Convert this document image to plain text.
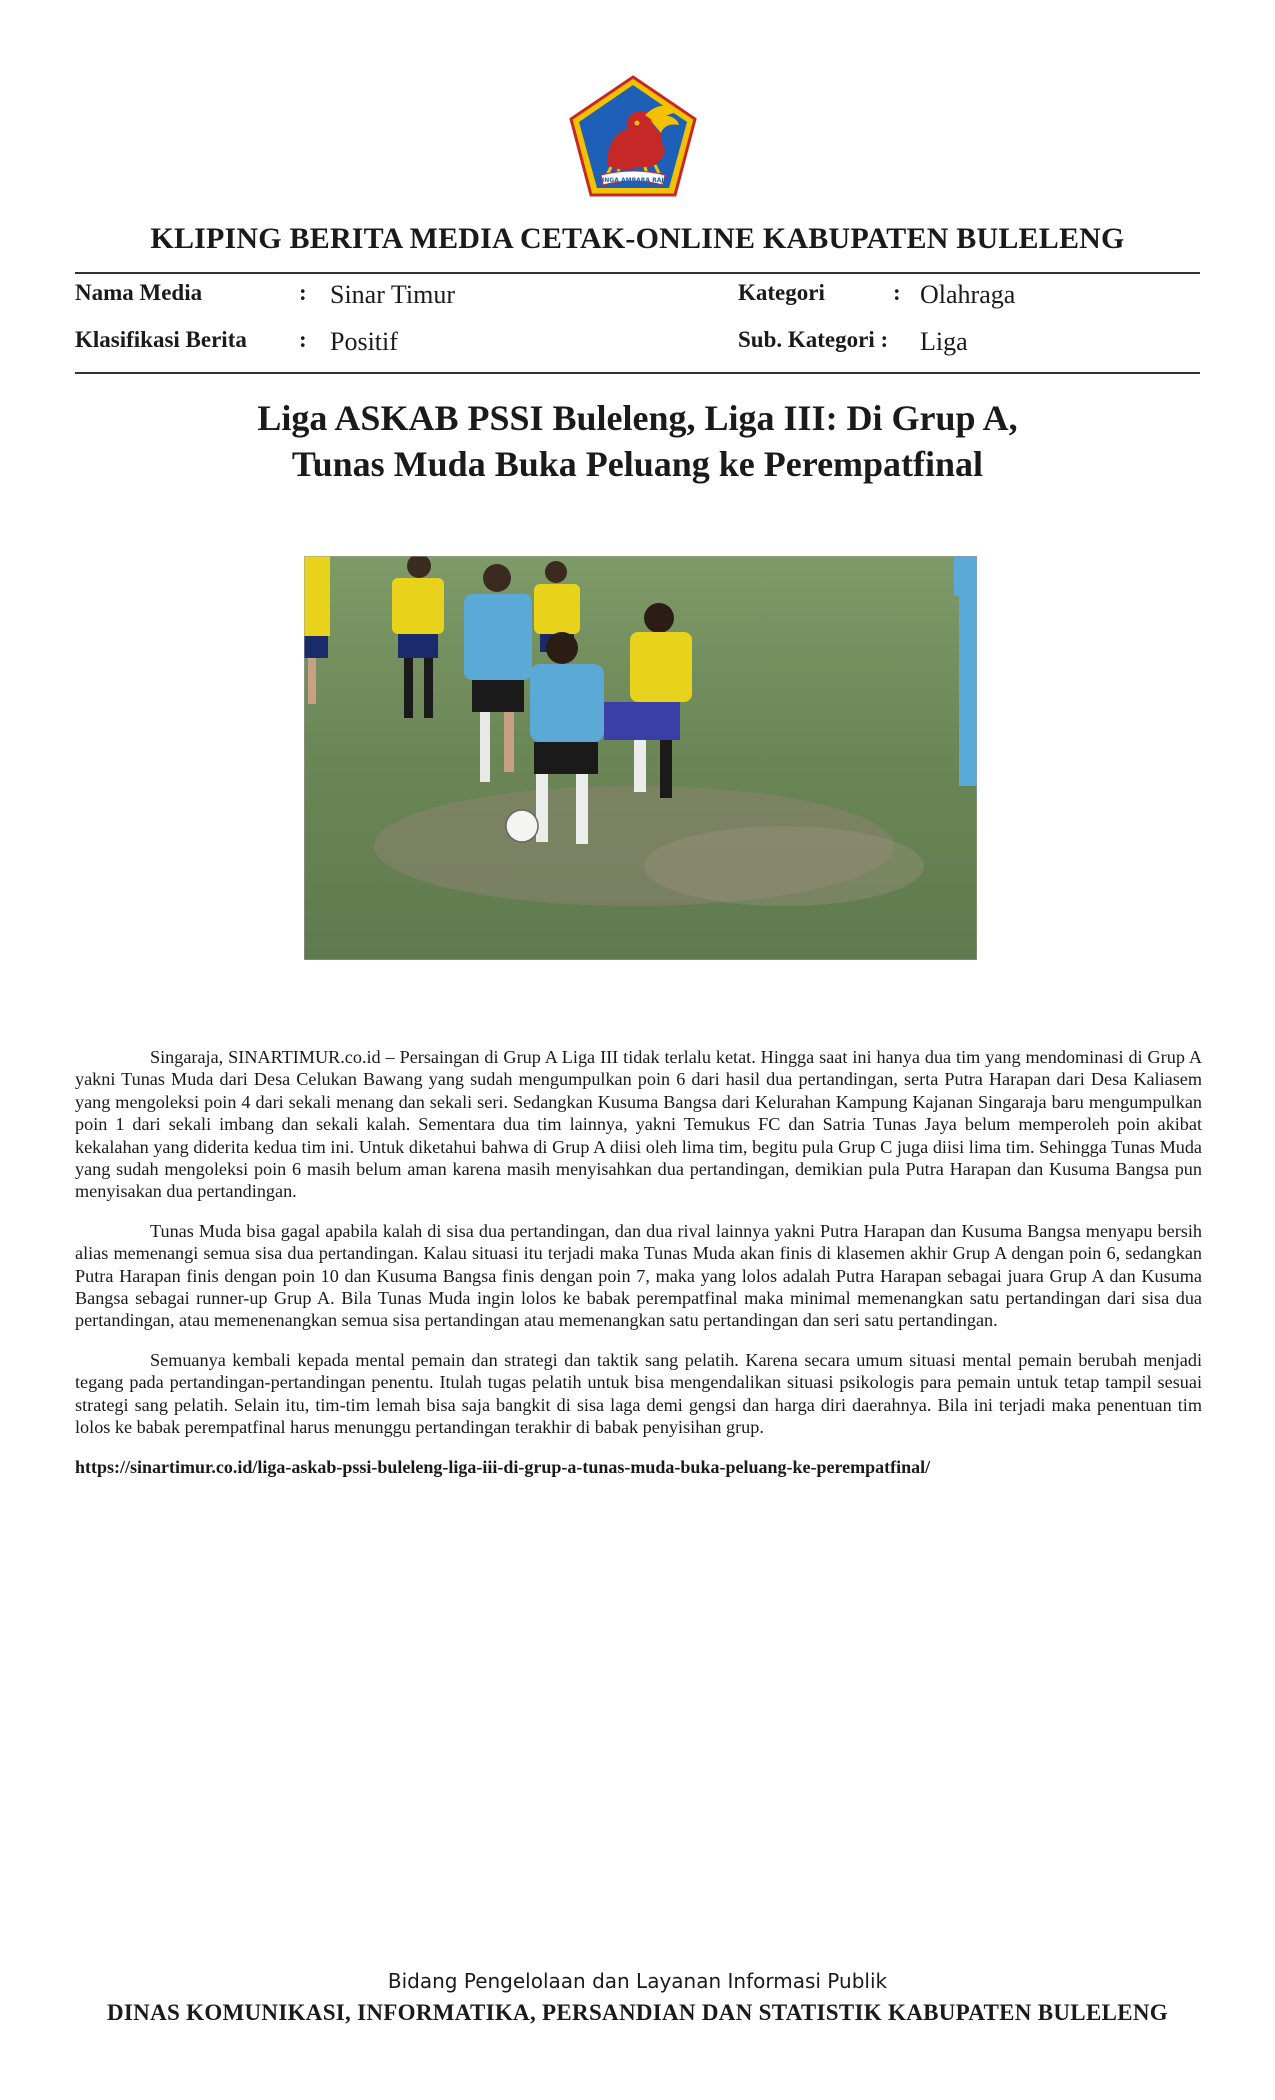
SINGA AMBARA RAJA
KLIPING BERITA MEDIA CETAK-ONLINE KABUPATEN BULELENG
Nama Media	: Sinar Timur
Klasifikasi Berita : Positif
Kategori	: Olahraga
Sub. Kategori : Liga
Liga ASKAB PSSI Buleleng, Liga III: Di Grup A,
Tunas Muda Buka Peluang ke Perempatfinal

Singaraja, SINARTIMUR.co.id – Persaingan di Grup A Liga III tidak terlalu ketat. Hingga saat ini hanya dua tim yang mendominasi di Grup A yakni Tunas Muda dari Desa Celukan Bawang yang sudah mengumpulkan poin 6 dari hasil dua pertandingan, serta Putra Harapan dari Desa Kaliasem yang mengoleksi poin 4 dari sekali menang dan sekali seri. Sedangkan Kusuma Bangsa dari Kelurahan Kampung Kajanan Singaraja baru mengumpulkan poin 1 dari sekali imbang dan sekali kalah. Sementara dua tim lainnya, yakni Temukus FC dan Satria Tunas Jaya belum memperoleh poin akibat kekalahan yang diderita kedua tim ini. Untuk diketahui bahwa di Grup A diisi oleh lima tim, begitu pula Grup C juga diisi lima tim. Sehingga Tunas Muda yang sudah mengoleksi poin 6 masih belum aman karena masih menyisahkan dua pertandingan, demikian pula Putra Harapan dan Kusuma Bangsa pun menyisakan dua pertandingan.

Tunas Muda bisa gagal apabila kalah di sisa dua pertandingan, dan dua rival lainnya yakni Putra Harapan dan Kusuma Bangsa menyapu bersih alias memenangi semua sisa dua pertandingan. Kalau situasi itu terjadi maka Tunas Muda akan finis di klasemen akhir Grup A dengan poin 6, sedangkan Putra Harapan finis dengan poin 10 dan Kusuma Bangsa finis dengan poin 7, maka yang lolos adalah Putra Harapan sebagai juara Grup A dan Kusuma Bangsa sebagai runner-up Grup A. Bila Tunas Muda ingin lolos ke babak perempatfinal maka minimal memenangkan satu pertandingan dari sisa dua pertandingan, atau memenenangkan semua sisa pertandingan atau memenangkan satu pertandingan dan seri satu pertandingan.

Semuanya kembali kepada mental pemain dan strategi dan taktik sang pelatih. Karena secara umum situasi mental pemain berubah menjadi tegang pada pertandingan-pertandingan penentu. Itulah tugas pelatih untuk bisa mengendalikan situasi psikologis para pemain untuk tetap tampil sesuai strategi sang pelatih. Selain itu, tim-tim lemah bisa saja bangkit di sisa laga demi gengsi dan harga diri daerahnya. Bila ini terjadi maka penentuan tim lolos ke babak perempatfinal harus menunggu pertandingan terakhir di babak penyisihan grup.

https://sinartimur.co.id/liga-askab-pssi-buleleng-liga-iii-di-grup-a-tunas-muda-buka-peluang-ke-perempatfinal/

Bidang Pengelolaan dan Layanan Informasi Publik
DINAS KOMUNIKASI, INFORMATIKA, PERSANDIAN DAN STATISTIK KABUPATEN BULELENG
